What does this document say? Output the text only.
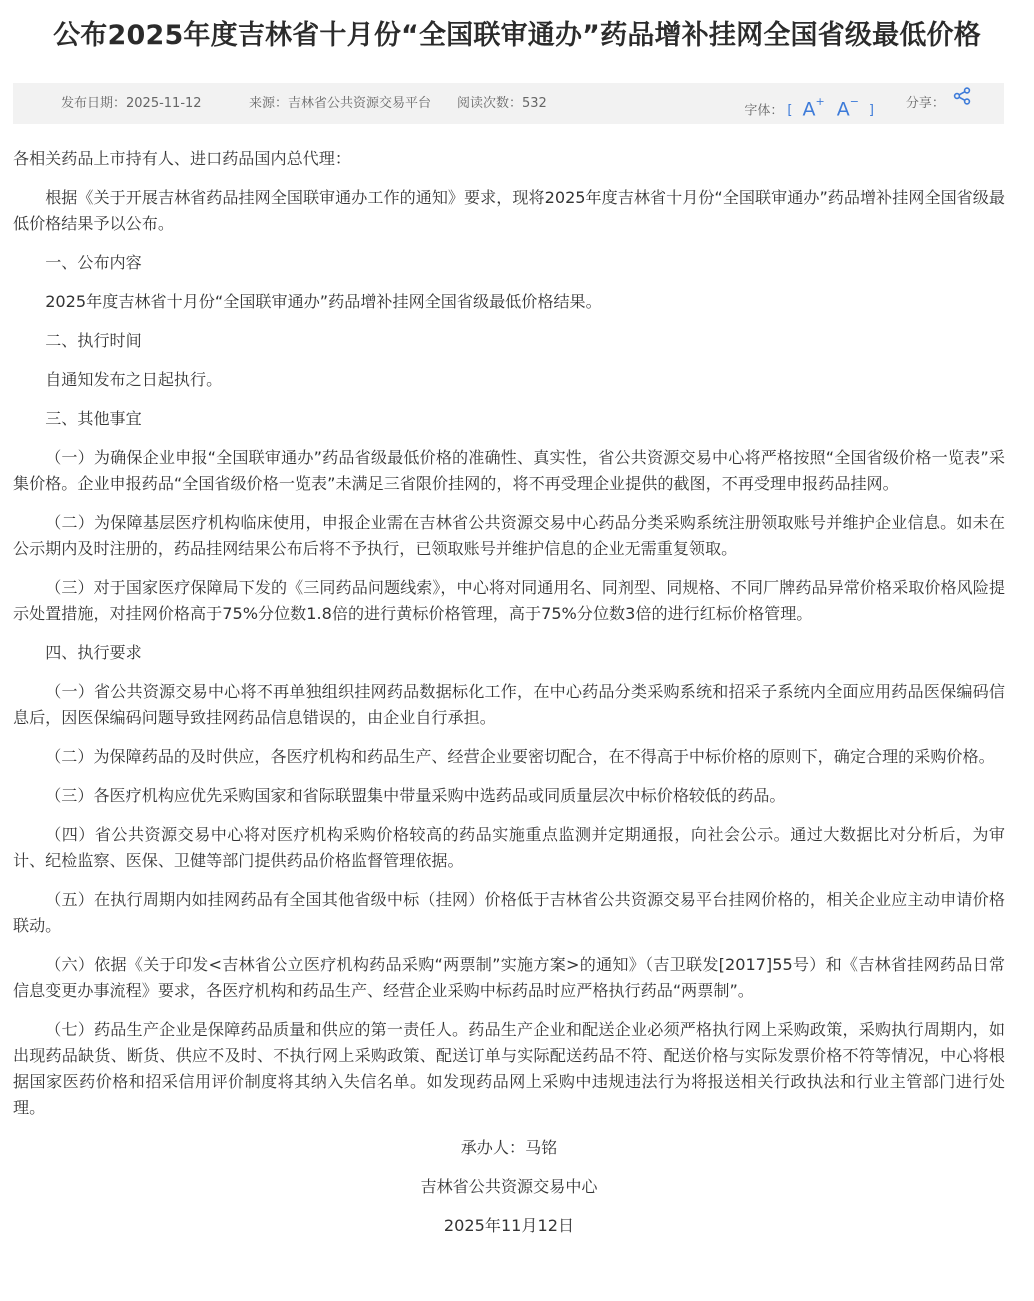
公布2025年度吉林省十月份“全国联审通办”药品增补挂网全国省级最低价格
发布日期：2025-11-12	来源：吉林省公共资源交易平台 阅读次数：532	字体： [ A+ A−]	分享：

各相关药品上市持有人、进口药品国内总代理：

根据《关于开展吉林省药品挂网全国联审通办工作的通知》要求，现将2025年度吉林省十月份“全国联审通办”药品增补挂网全国省级最低价格结果予以公布。

一、公布内容

2025年度吉林省十月份“全国联审通办”药品增补挂网全国省级最低价格结果。

二、执行时间

自通知发布之日起执行。

三、其他事宜

（一）为确保企业申报“全国联审通办”药品省级最低价格的准确性、真实性，省公共资源交易中心将严格按照“全国省级价格一览表”采集价格。企业申报药品“全国省级价格一览表”未满足三省限价挂网的，将不再受理企业提供的截图，不再受理申报药品挂网。

（二）为保障基层医疗机构临床使用，申报企业需在吉林省公共资源交易中心药品分类采购系统注册领取账号并维护企业信息。如未在公示期内及时注册的，药品挂网结果公布后将不予执行，已领取账号并维护信息的企业无需重复领取。

（三）对于国家医疗保障局下发的《三同药品问题线索》，中心将对同通用名、同剂型、同规格、不同厂牌药品异常价格采取价格风险提示处置措施，对挂网价格高于75%分位数1.8倍的进行黄标价格管理，高于75%分位数3倍的进行红标价格管理。

四、执行要求

（一）省公共资源交易中心将不再单独组织挂网药品数据标化工作，在中心药品分类采购系统和招采子系统内全面应用药品医保编码信息后，因医保编码问题导致挂网药品信息错误的，由企业自行承担。

（二）为保障药品的及时供应，各医疗机构和药品生产、经营企业要密切配合，在不得高于中标价格的原则下，确定合理的采购价格。

（三）各医疗机构应优先采购国家和省际联盟集中带量采购中选药品或同质量层次中标价格较低的药品。

（四）省公共资源交易中心将对医疗机构采购价格较高的药品实施重点监测并定期通报，向社会公示。通过大数据比对分析后，为审计、纪检监察、医保、卫健等部门提供药品价格监督管理依据。

（五）在执行周期内如挂网药品有全国其他省级中标（挂网）价格低于吉林省公共资源交易平台挂网价格的，相关企业应主动申请价格联动。

（六）依据《关于印发<吉林省公立医疗机构药品采购“两票制”实施方案>的通知》（吉卫联发[2017]55号）和《吉林省挂网药品日常信息变更办事流程》要求，各医疗机构和药品生产、经营企业采购中标药品时应严格执行药品“两票制”。

（七）药品生产企业是保障药品质量和供应的第一责任人。药品生产企业和配送企业必须严格执行网上采购政策，采购执行周期内，如出现药品缺货、断货、供应不及时、不执行网上采购政策、配送订单与实际配送药品不符、配送价格与实际发票价格不符等情况，中心将根据国家医药价格和招采信用评价制度将其纳入失信名单。如发现药品网上采购中违规违法行为将报送相关行政执法和行业主管部门进行处理。

承办人：马铭

吉林省公共资源交易中心

2025年11月12日
